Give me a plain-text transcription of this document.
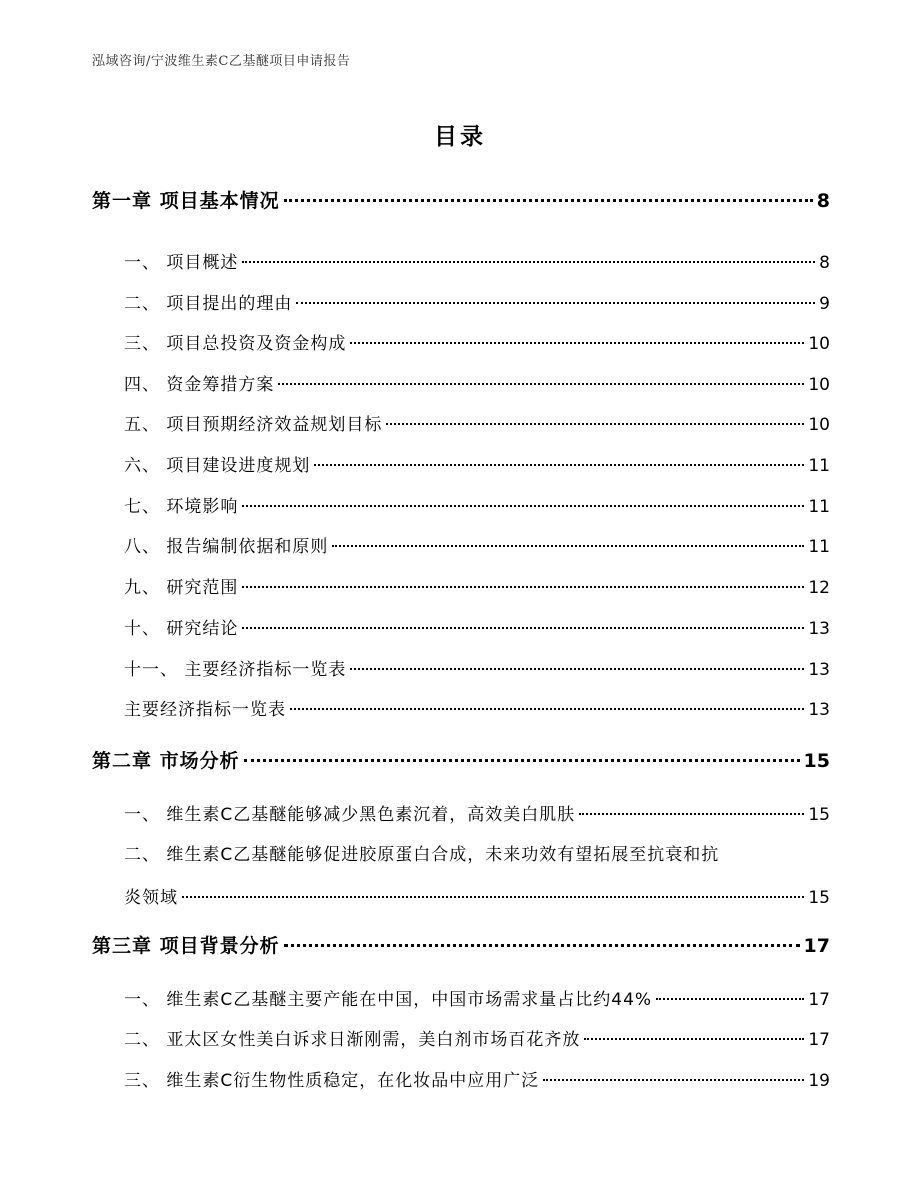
泓域咨询/宁波维生素C乙基醚项目申请报告
目录
第一章 项目基本情况	8
一、 项目概述	8
二、 项目提出的理由	9
三、 项目总投资及资金构成	10
四、 资金筹措方案	10
五、 项目预期经济效益规划目标	10
六、 项目建设进度规划	11
七、 环境影响	11
八、 报告编制依据和原则	11
九、 研究范围	12
十、 研究结论	13
十一、 主要经济指标一览表	13
主要经济指标一览表	13
第二章 市场分析	15
一、 维生素C乙基醚能够减少黑色素沉着，高效美白肌肤	15
二、 维生素C乙基醚能够促进胶原蛋白合成，未来功效有望拓展至抗衰和抗
炎领域	15
第三章 项目背景分析	17
一、 维生素C乙基醚主要产能在中国，中国市场需求量占比约44%	17
二、 亚太区女性美白诉求日渐刚需，美白剂市场百花齐放	17
三、 维生素C衍生物性质稳定，在化妆品中应用广泛	19
